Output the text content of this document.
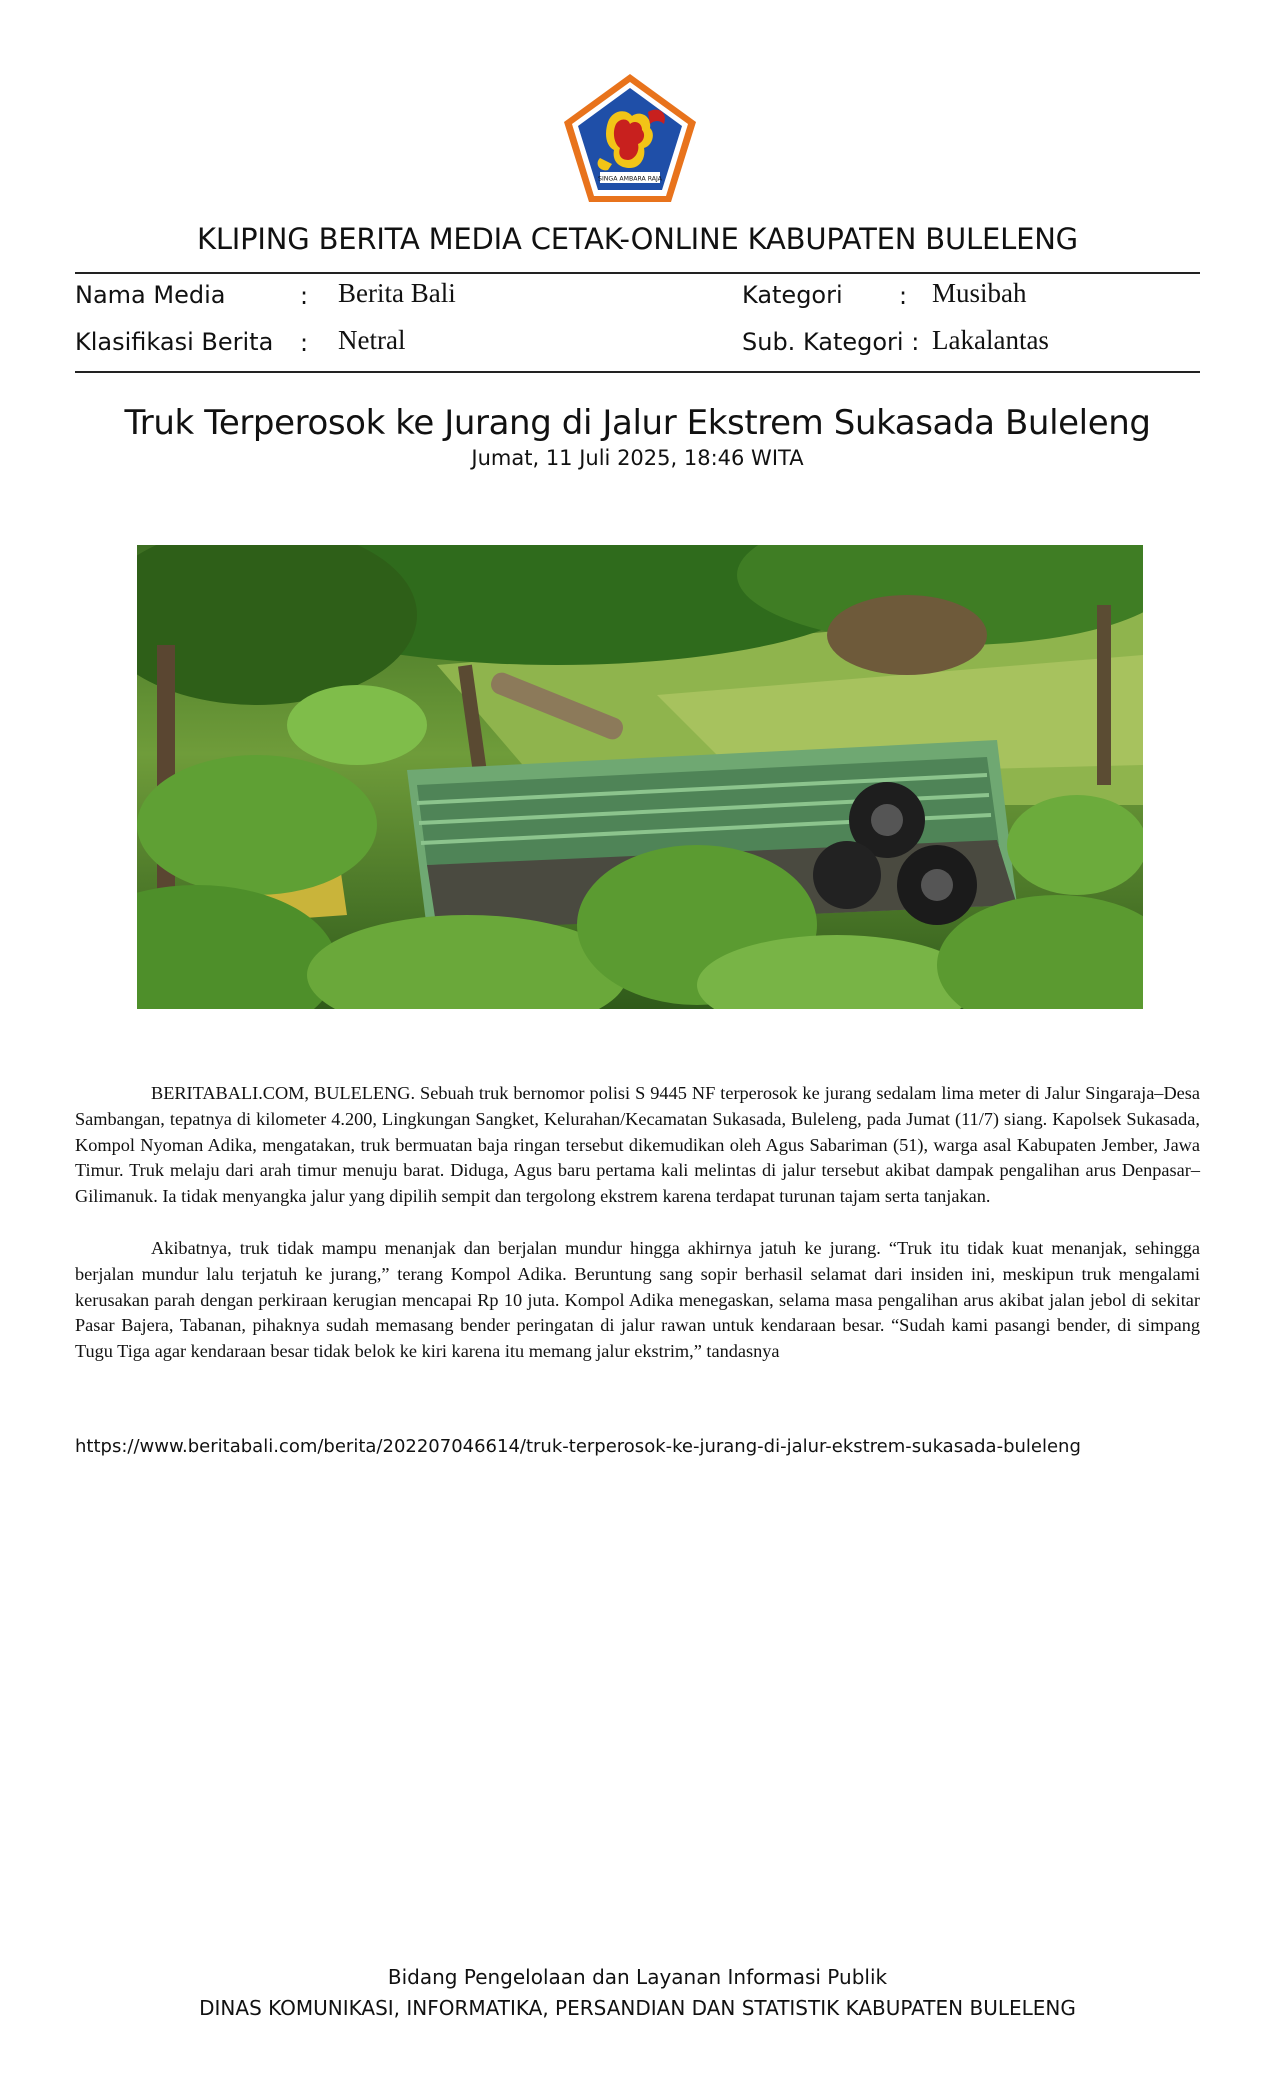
SINGA AMBARA RAJA
KLIPING BERITA MEDIA CETAK-ONLINE KABUPATEN BULELENG
Nama Media	: Berita Bali
Klasifikasi Berita : Netral
Kategori : Musibah
Sub. Kategori : Lakalantas
Truk Terperosok ke Jurang di Jalur Ekstrem Sukasada Buleleng
Jumat, 11 Juli 2025, 18:46 WITA

BERITABALI.COM, BULELENG. Sebuah truk bernomor polisi S 9445 NF terperosok ke jurang sedalam lima meter di Jalur Singaraja–Desa Sambangan, tepatnya di kilometer 4.200, Lingkungan Sangket, Kelurahan/Kecamatan Sukasada, Buleleng, pada Jumat (11/7) siang. Kapolsek Sukasada, Kompol Nyoman Adika, mengatakan, truk bermuatan baja ringan tersebut dikemudikan oleh Agus Sabariman (51), warga asal Kabupaten Jember, Jawa Timur. Truk melaju dari arah timur menuju barat. Diduga, Agus baru pertama kali melintas di jalur tersebut akibat dampak pengalihan arus Denpasar–Gilimanuk. Ia tidak menyangka jalur yang dipilih sempit dan tergolong ekstrem karena terdapat turunan tajam serta tanjakan.

Akibatnya, truk tidak mampu menanjak dan berjalan mundur hingga akhirnya jatuh ke jurang. “Truk itu tidak kuat menanjak, sehingga berjalan mundur lalu terjatuh ke jurang,” terang Kompol Adika. Beruntung sang sopir berhasil selamat dari insiden ini, meskipun truk mengalami kerusakan parah dengan perkiraan kerugian mencapai Rp 10 juta. Kompol Adika menegaskan, selama masa pengalihan arus akibat jalan jebol di sekitar Pasar Bajera, Tabanan, pihaknya sudah memasang bender peringatan di jalur rawan untuk kendaraan besar. “Sudah kami pasangi bender, di simpang Tugu Tiga agar kendaraan besar tidak belok ke kiri karena itu memang jalur ekstrim,” tandasnya

https://www.beritabali.com/berita/202207046614/truk-terperosok-ke-jurang-di-jalur-ekstrem-sukasada-buleleng
Bidang Pengelolaan dan Layanan Informasi Publik
DINAS KOMUNIKASI, INFORMATIKA, PERSANDIAN DAN STATISTIK KABUPATEN BULELENG
